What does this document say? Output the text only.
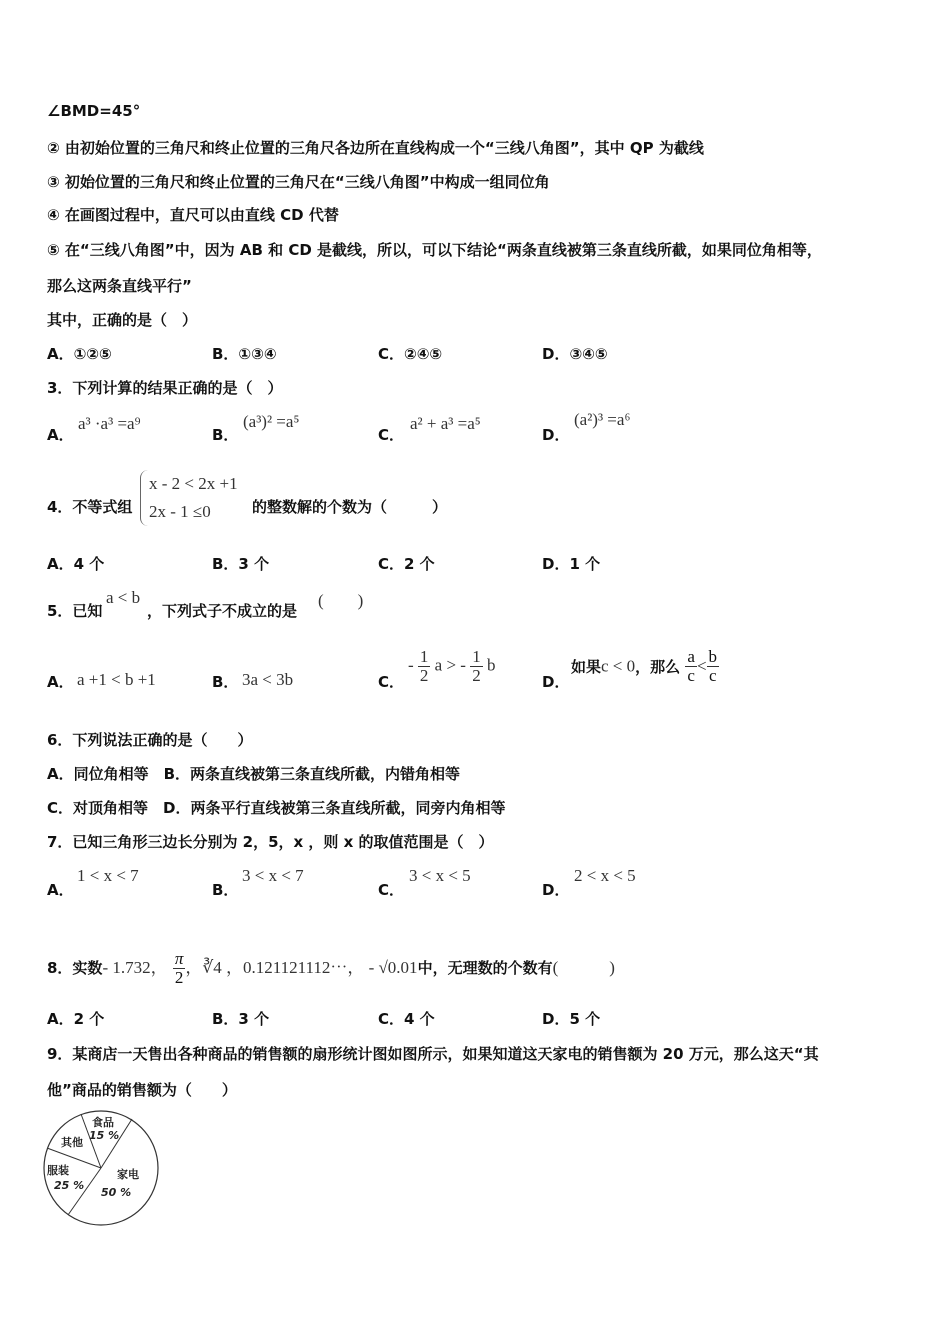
∠BMD=45°
② 由初始位置的三角尺和终止位置的三角尺各边所在直线构成一个“三线八角图”，其中 QP 为截线
③ 初始位置的三角尺和终止位置的三角尺在“三线八角图”中构成一组同位角
④ 在画图过程中，直尺可以由直线 CD 代替
⑤ 在“三线八角图”中，因为 AB 和 CD 是截线，所以，可以下结论“两条直线被第三条直线所截，如果同位角相等，
那么这两条直线平行”
其中，正确的是（　）
A．①②⑤	B．①③④	C．②④⑤	D．③④⑤
3．下列计算的结果正确的是（　）
A．
a³ ·a³ =a⁹
B．
(a³)² =a⁵
C．
a² + a³ =a⁵
D．
(a²)³ =a⁶
4．不等式组
x - 2 < 2x +1
2x - 1 ≤0	的整数解的个数为（　　　）
A．4 个	B．3 个	C．2 个	D．1 个
5．已知
a < b
，下列式子不成立的是
(　　)
A． a +1 < b +1	B． 3a < 3b	C．
- $\frac{1}{2}$ a > - $\frac{1}{2}$ b
D．
如果c < 0，那么 $\frac{a}{c} < \frac{b}{c}$
6．下列说法正确的是（　　）
A．同位角相等　B．两条直线被第三条直线所截，内错角相等
C．对顶角相等　D．两条平行直线被第三条直线所截，同旁内角相等
7．已知三角形三边长分别为 2，5，x ，则 x 的取值范围是（　）
A．
1 < x < 7
B．
3 < x < 7
C．
3 < x < 5
D．
2 < x < 5
8．实数- 1.732， $\frac{\pi}{2}$ ，∛4 ，0.121121112⋯， - √0.01中，无理数的个数有(　　　)
A．2 个	B．3 个	C．4 个	D．5 个
9．某商店一天售出各种商品的销售额的扇形统计图如图所示，如果知道这天家电的销售额为 20 万元，那么这天“其
他”商品的销售额为（　　）
食品
15 %
其他
服装
25 %
家电
50 %
